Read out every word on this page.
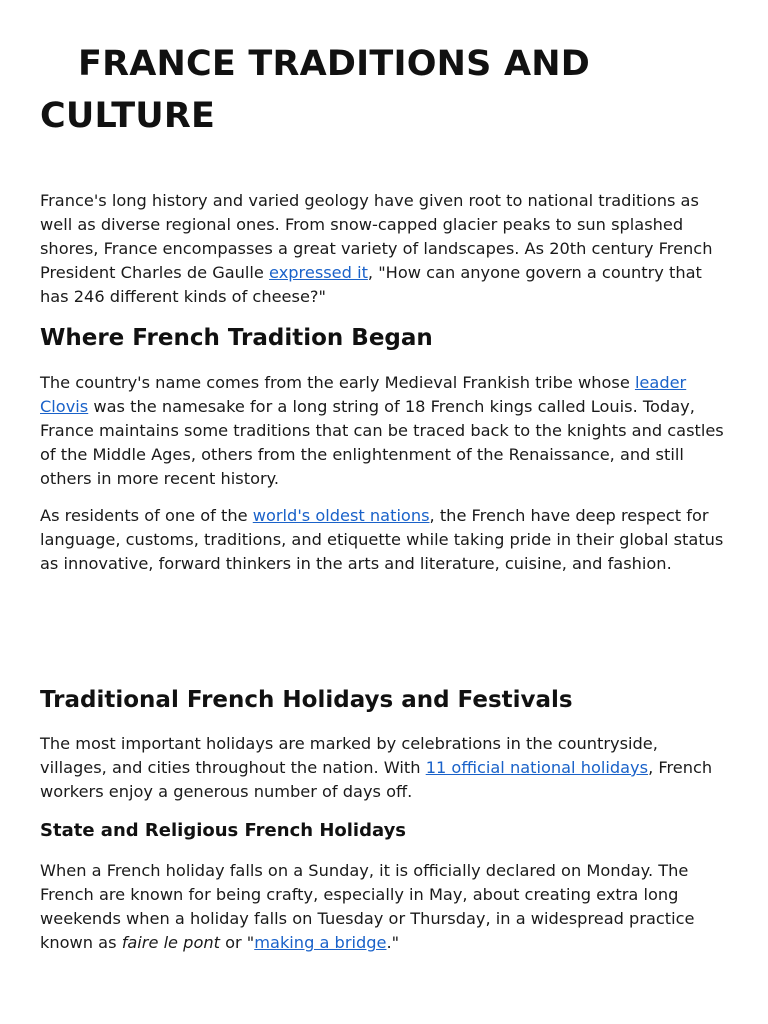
FRANCE TRADITIONS AND CULTURE

France's long history and varied geology have given root to national traditions as well as diverse regional ones. From snow-capped glacier peaks to sun splashed shores, France encompasses a great variety of landscapes. As 20th century French President Charles de Gaulle expressed it, "How can anyone govern a country that has 246 different kinds of cheese?"

Where French Tradition Began

The country's name comes from the early Medieval Frankish tribe whose leader Clovis was the namesake for a long string of 18 French kings called Louis. Today, France maintains some traditions that can be traced back to the knights and castles of the Middle Ages, others from the enlightenment of the Renaissance, and still others in more recent history.

As residents of one of the world's oldest nations, the French have deep respect for language, customs, traditions, and etiquette while taking pride in their global status as innovative, forward thinkers in the arts and literature, cuisine, and fashion.

Traditional French Holidays and Festivals

The most important holidays are marked by celebrations in the countryside, villages, and cities throughout the nation. With 11 official national holidays, French workers enjoy a generous number of days off.

State and Religious French Holidays

When a French holiday falls on a Sunday, it is officially declared on Monday. The French are known for being crafty, especially in May, about creating extra long weekends when a holiday falls on Tuesday or Thursday, in a widespread practice known as faire le pont or "making a bridge."
